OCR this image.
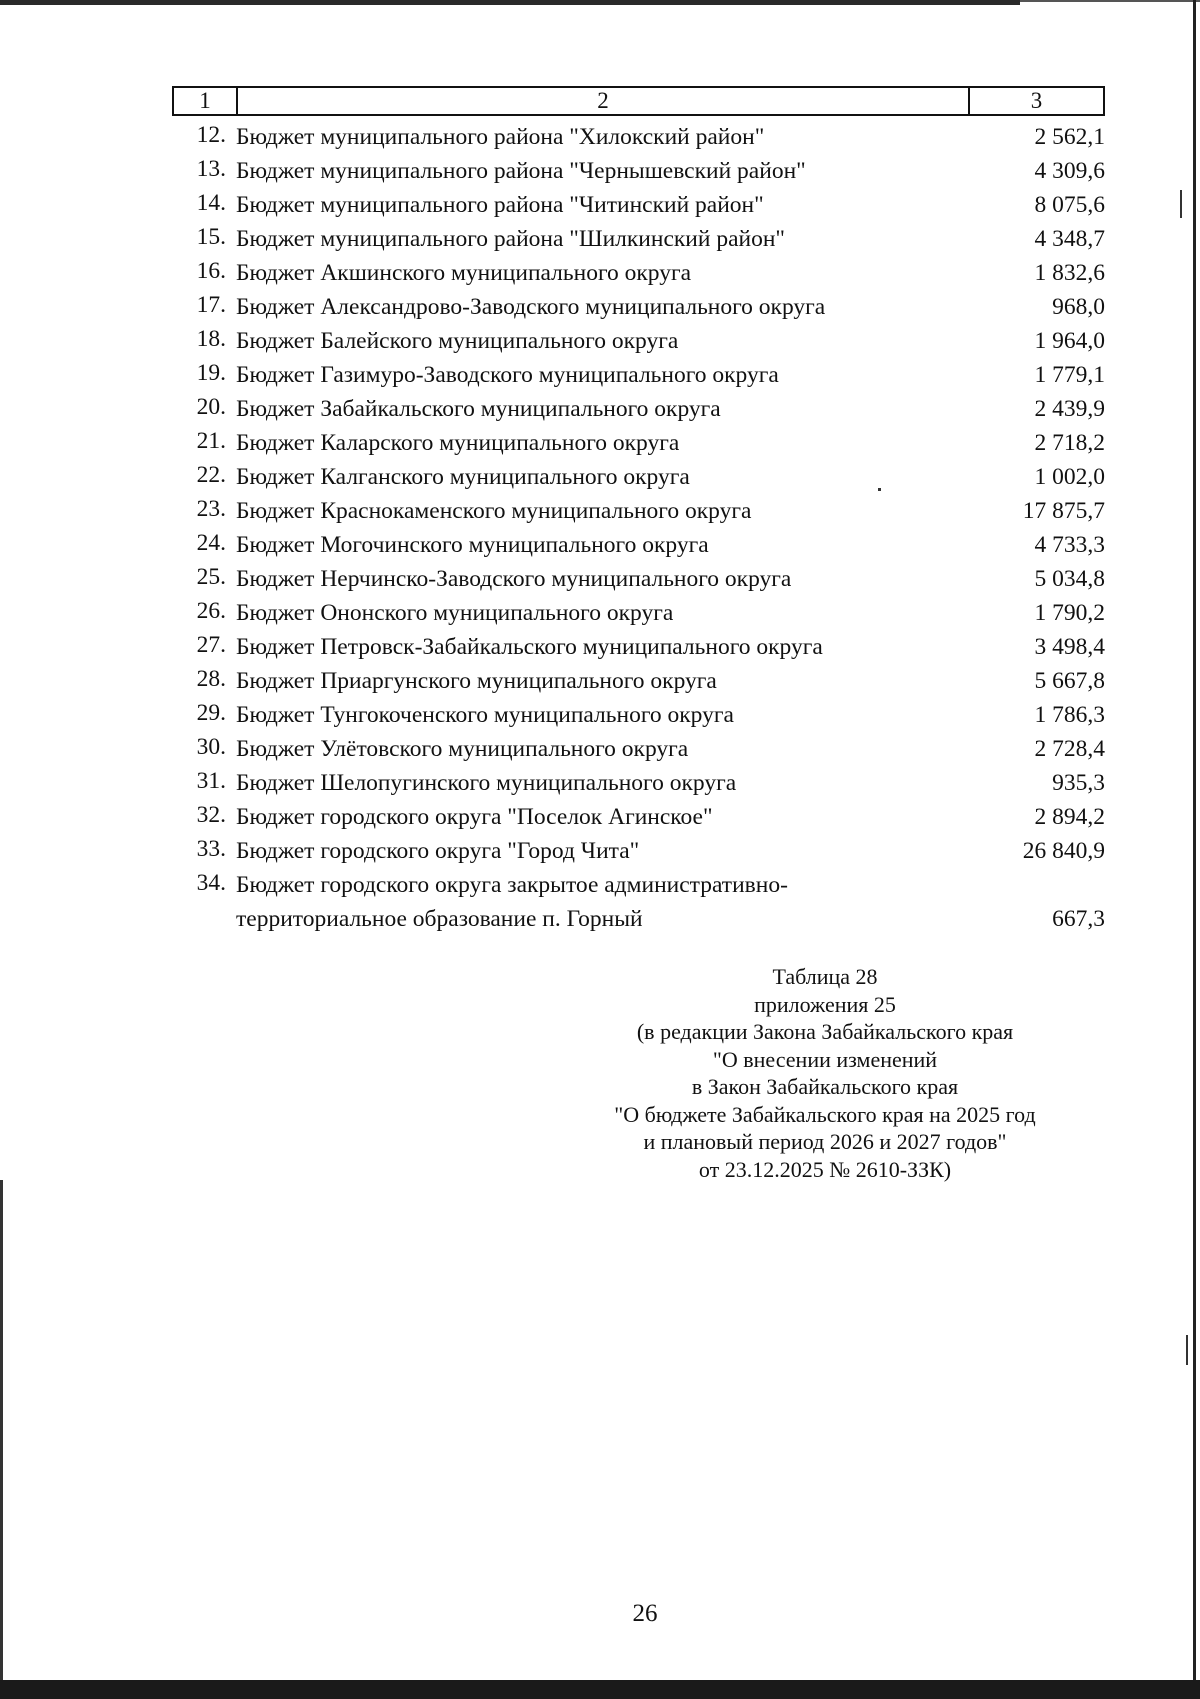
1	2	3
12. Бюджет муниципального района "Хилокский район"	2 562,1
13. Бюджет муниципального района "Чернышевский район"	4 309,6
14. Бюджет муниципального района "Читинский район"	8 075,6
15. Бюджет муниципального района "Шилкинский район"	4 348,7
16. Бюджет Акшинского муниципального округа	1 832,6
17. Бюджет Александрово-Заводского муниципального округа	968,0
18. Бюджет Балейского муниципального округа	1 964,0
19. Бюджет Газимуро-Заводского муниципального округа	1 779,1
20. Бюджет Забайкальского муниципального округа	2 439,9
21. Бюджет Каларского муниципального округа	2 718,2
22. Бюджет Калганского муниципального округа	1 002,0
23. Бюджет Краснокаменского муниципального округа	17 875,7
24. Бюджет Могочинского муниципального округа	4 733,3
25. Бюджет Нерчинско-Заводского муниципального округа	5 034,8
26. Бюджет Ононского муниципального округа	1 790,2
27. Бюджет Петровск-Забайкальского муниципального округа	3 498,4
28. Бюджет Приаргунского муниципального округа	5 667,8
29. Бюджет Тунгокоченского муниципального округа	1 786,3
30. Бюджет Улётовского муниципального округа	2 728,4
31. Бюджет Шелопугинского муниципального округа	935,3
32. Бюджет городского округа "Поселок Агинское"	2 894,2
33. Бюджет городского округа "Город Чита"	26 840,9
34. Бюджет городского округа закрытое административно-
территориальное образование п. Горный	667,3
Таблица 28
приложения 25
(в редакции Закона Забайкальского края
"О внесении изменений
в Закон Забайкальского края
"О бюджете Забайкальского края на 2025 год
и плановый период 2026 и 2027 годов"
от 23.12.2025 № 2610-ЗЗК)
26
